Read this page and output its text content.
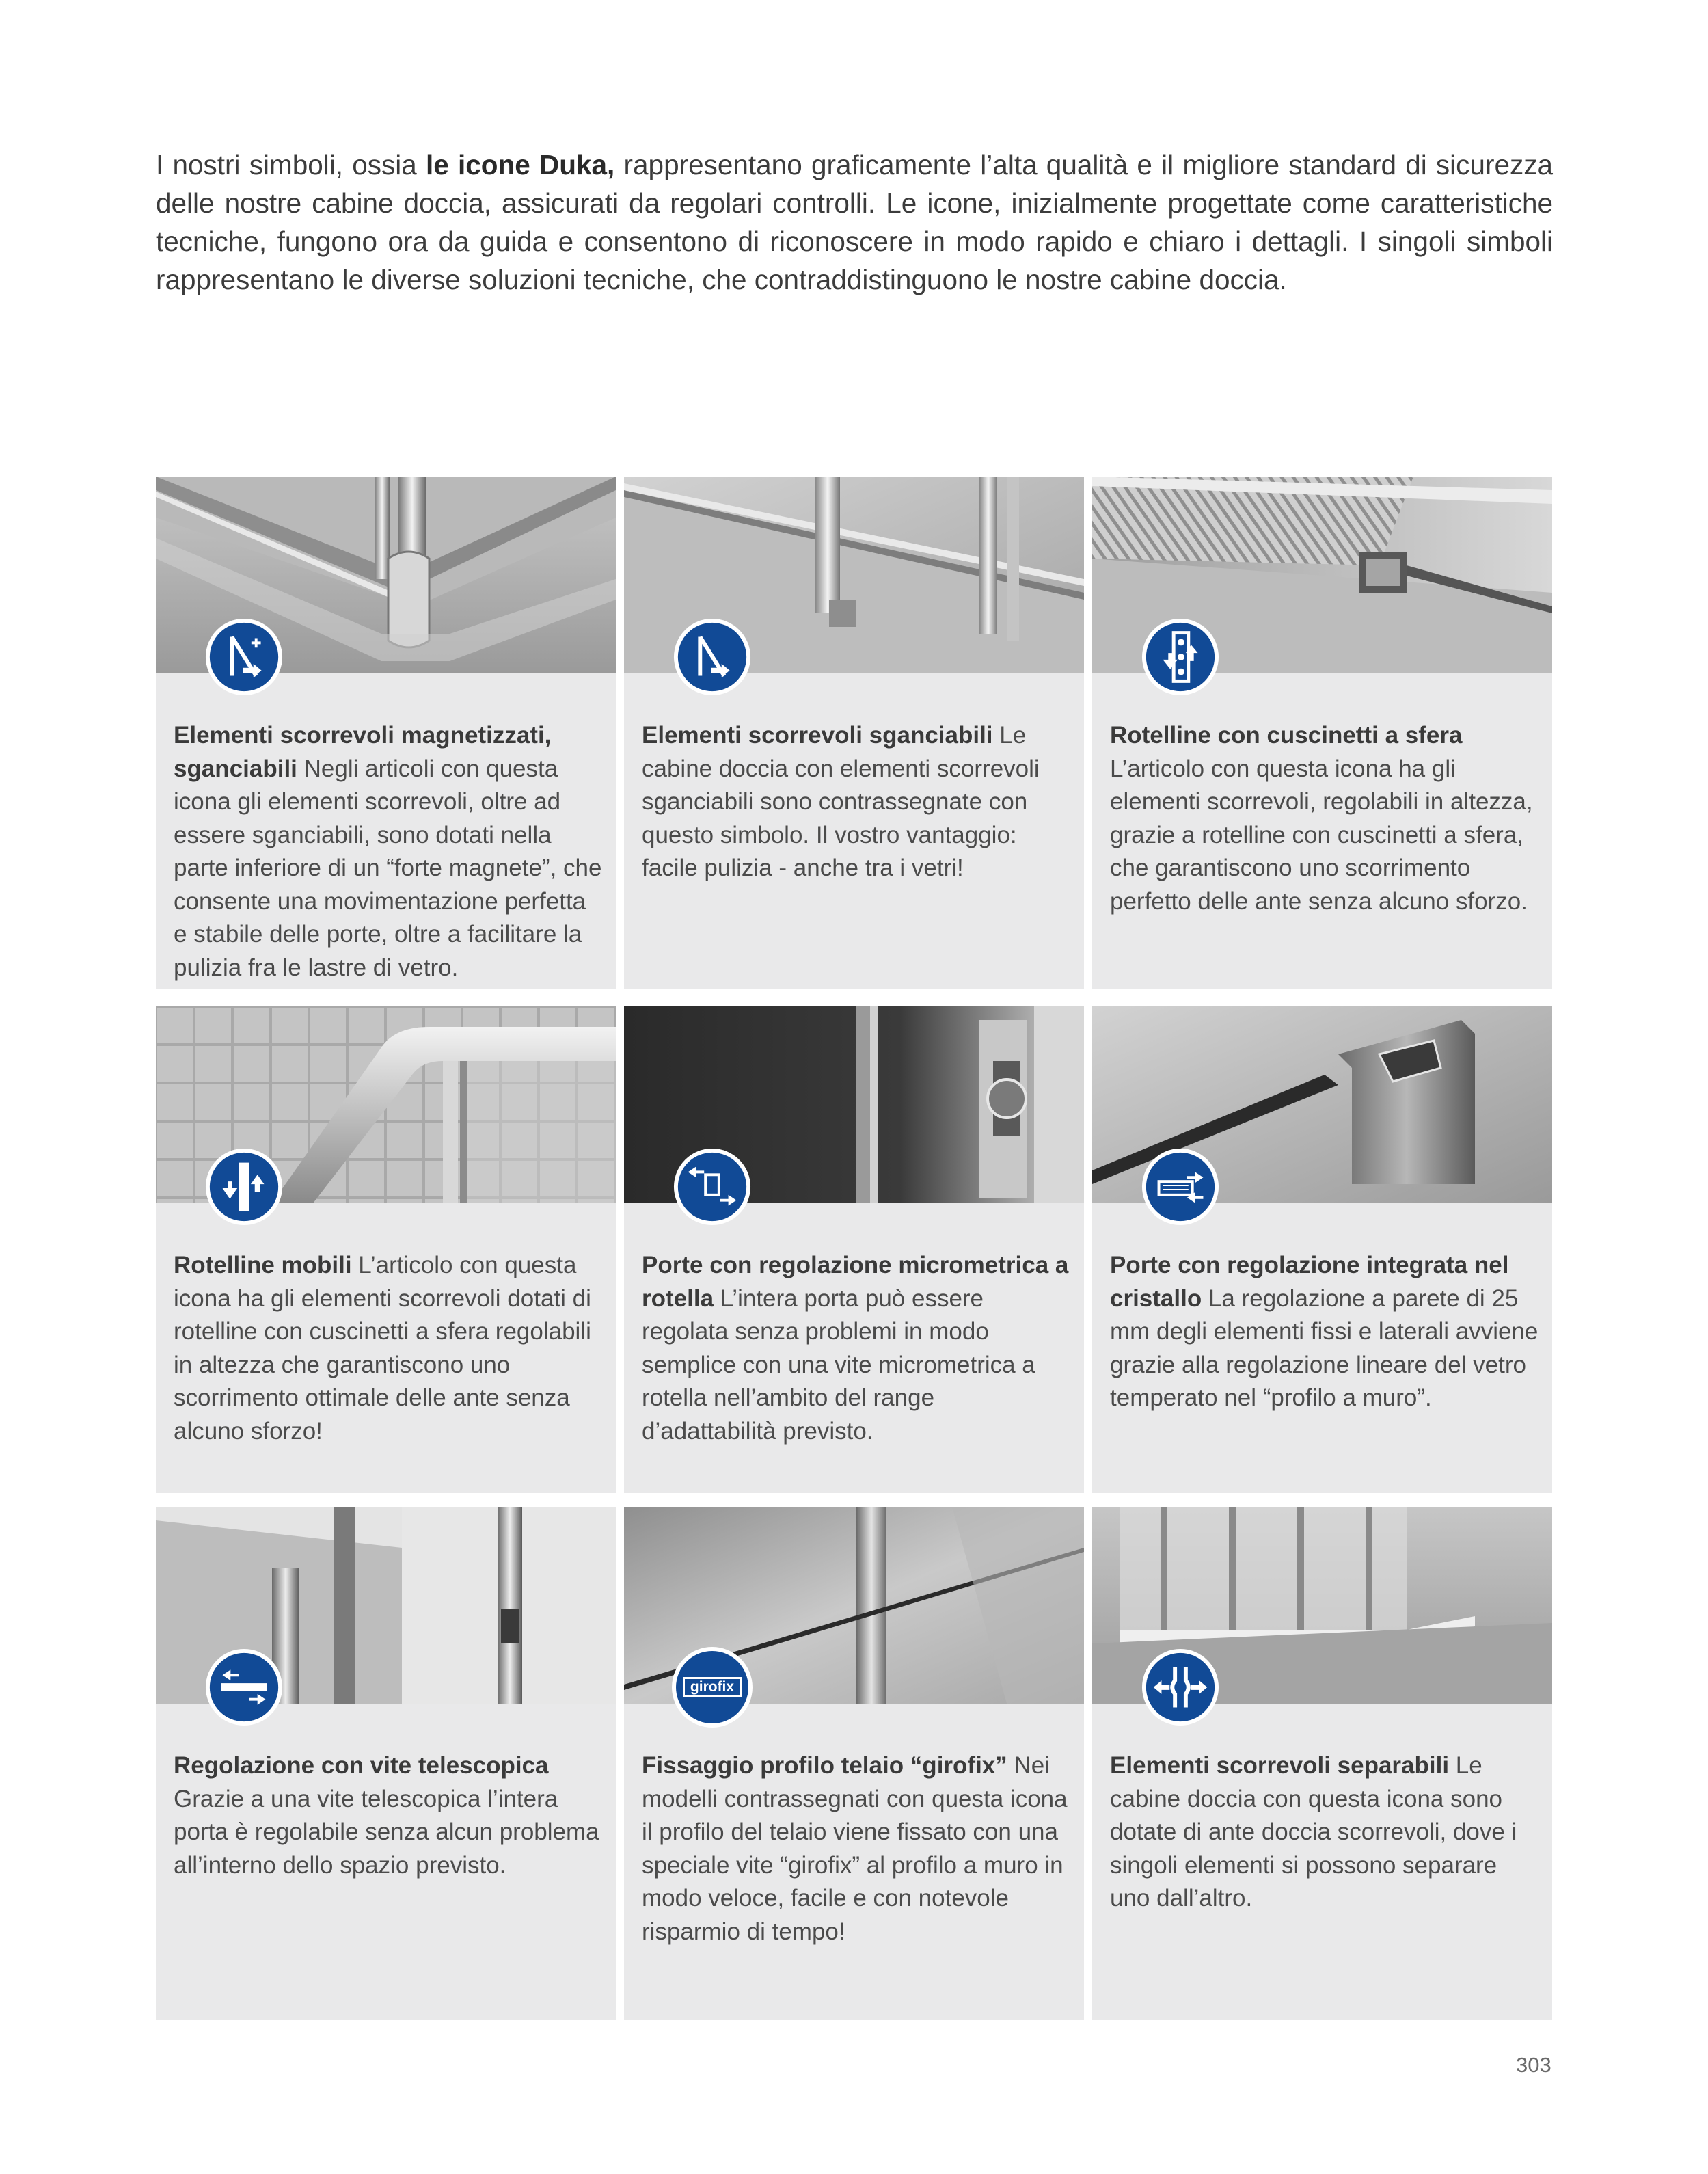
I nostri simboli, ossia le icone Duka, rappresentano graficamente l’alta qualità e il migliore standard di sicurezza delle nostre cabine doccia, assicurati da regolari controlli. Le icone, inizialmente progettate come caratteristiche tecniche, fungono ora da guida e consentono di riconoscere in modo rapido e chiaro i dettagli. I singoli simboli rappresentano le diverse soluzioni tecniche, che contraddistinguono le nostre cabine doccia.

Elementi scorrevoli magnetizzati, sganciabili Negli articoli con questa icona gli elementi scorrevoli, oltre ad essere sganciabili, sono dotati nella parte inferiore di un “forte magnete”, che consente una movimentazione perfetta e stabile delle porte, oltre a facilitare la pulizia fra le lastre di vetro.

Elementi scorrevoli sganciabili Le cabine doccia con elementi scorrevoli sganciabili sono contrassegnate con questo simbolo. Il vostro vantaggio: facile pulizia - anche tra i vetri!

Rotelline con cuscinetti a sfera L’articolo con questa icona ha gli elementi scorrevoli, regolabili in altezza, grazie a rotelline con cuscinetti a sfera, che garantiscono uno scorrimento perfetto delle ante senza alcuno sforzo.

Rotelline mobili L’articolo con questa icona ha gli elementi scorrevoli dotati di rotelline con cuscinetti a sfera regolabili in altezza che garantiscono uno scorrimento ottimale delle ante senza alcuno sforzo!

Porte con regolazione micrometrica a rotella L’intera porta può essere regolata senza problemi in modo semplice con una vite micrometrica a rotella nell’ambito del range d’adattabilità previsto.

Porte con regolazione integrata nel cristallo La regolazione a parete di 25 mm degli elementi fissi e laterali avviene grazie alla regolazione lineare del vetro temperato nel “profilo a muro”.

Regolazione con vite telescopica Grazie a una vite telescopica l’intera porta è regolabile senza alcun problema all’interno dello spazio previsto.

girofix

Fissaggio profilo telaio “girofix” Nei modelli contrassegnati con questa icona il profilo del telaio viene fissato con una speciale vite “girofix” al profilo a muro in modo veloce, facile e con notevole risparmio di tempo!

Elementi scorrevoli separabili Le cabine doccia con questa icona sono dotate di ante doccia scorrevoli, dove i singoli elementi si possono separare uno dall’altro.

303
